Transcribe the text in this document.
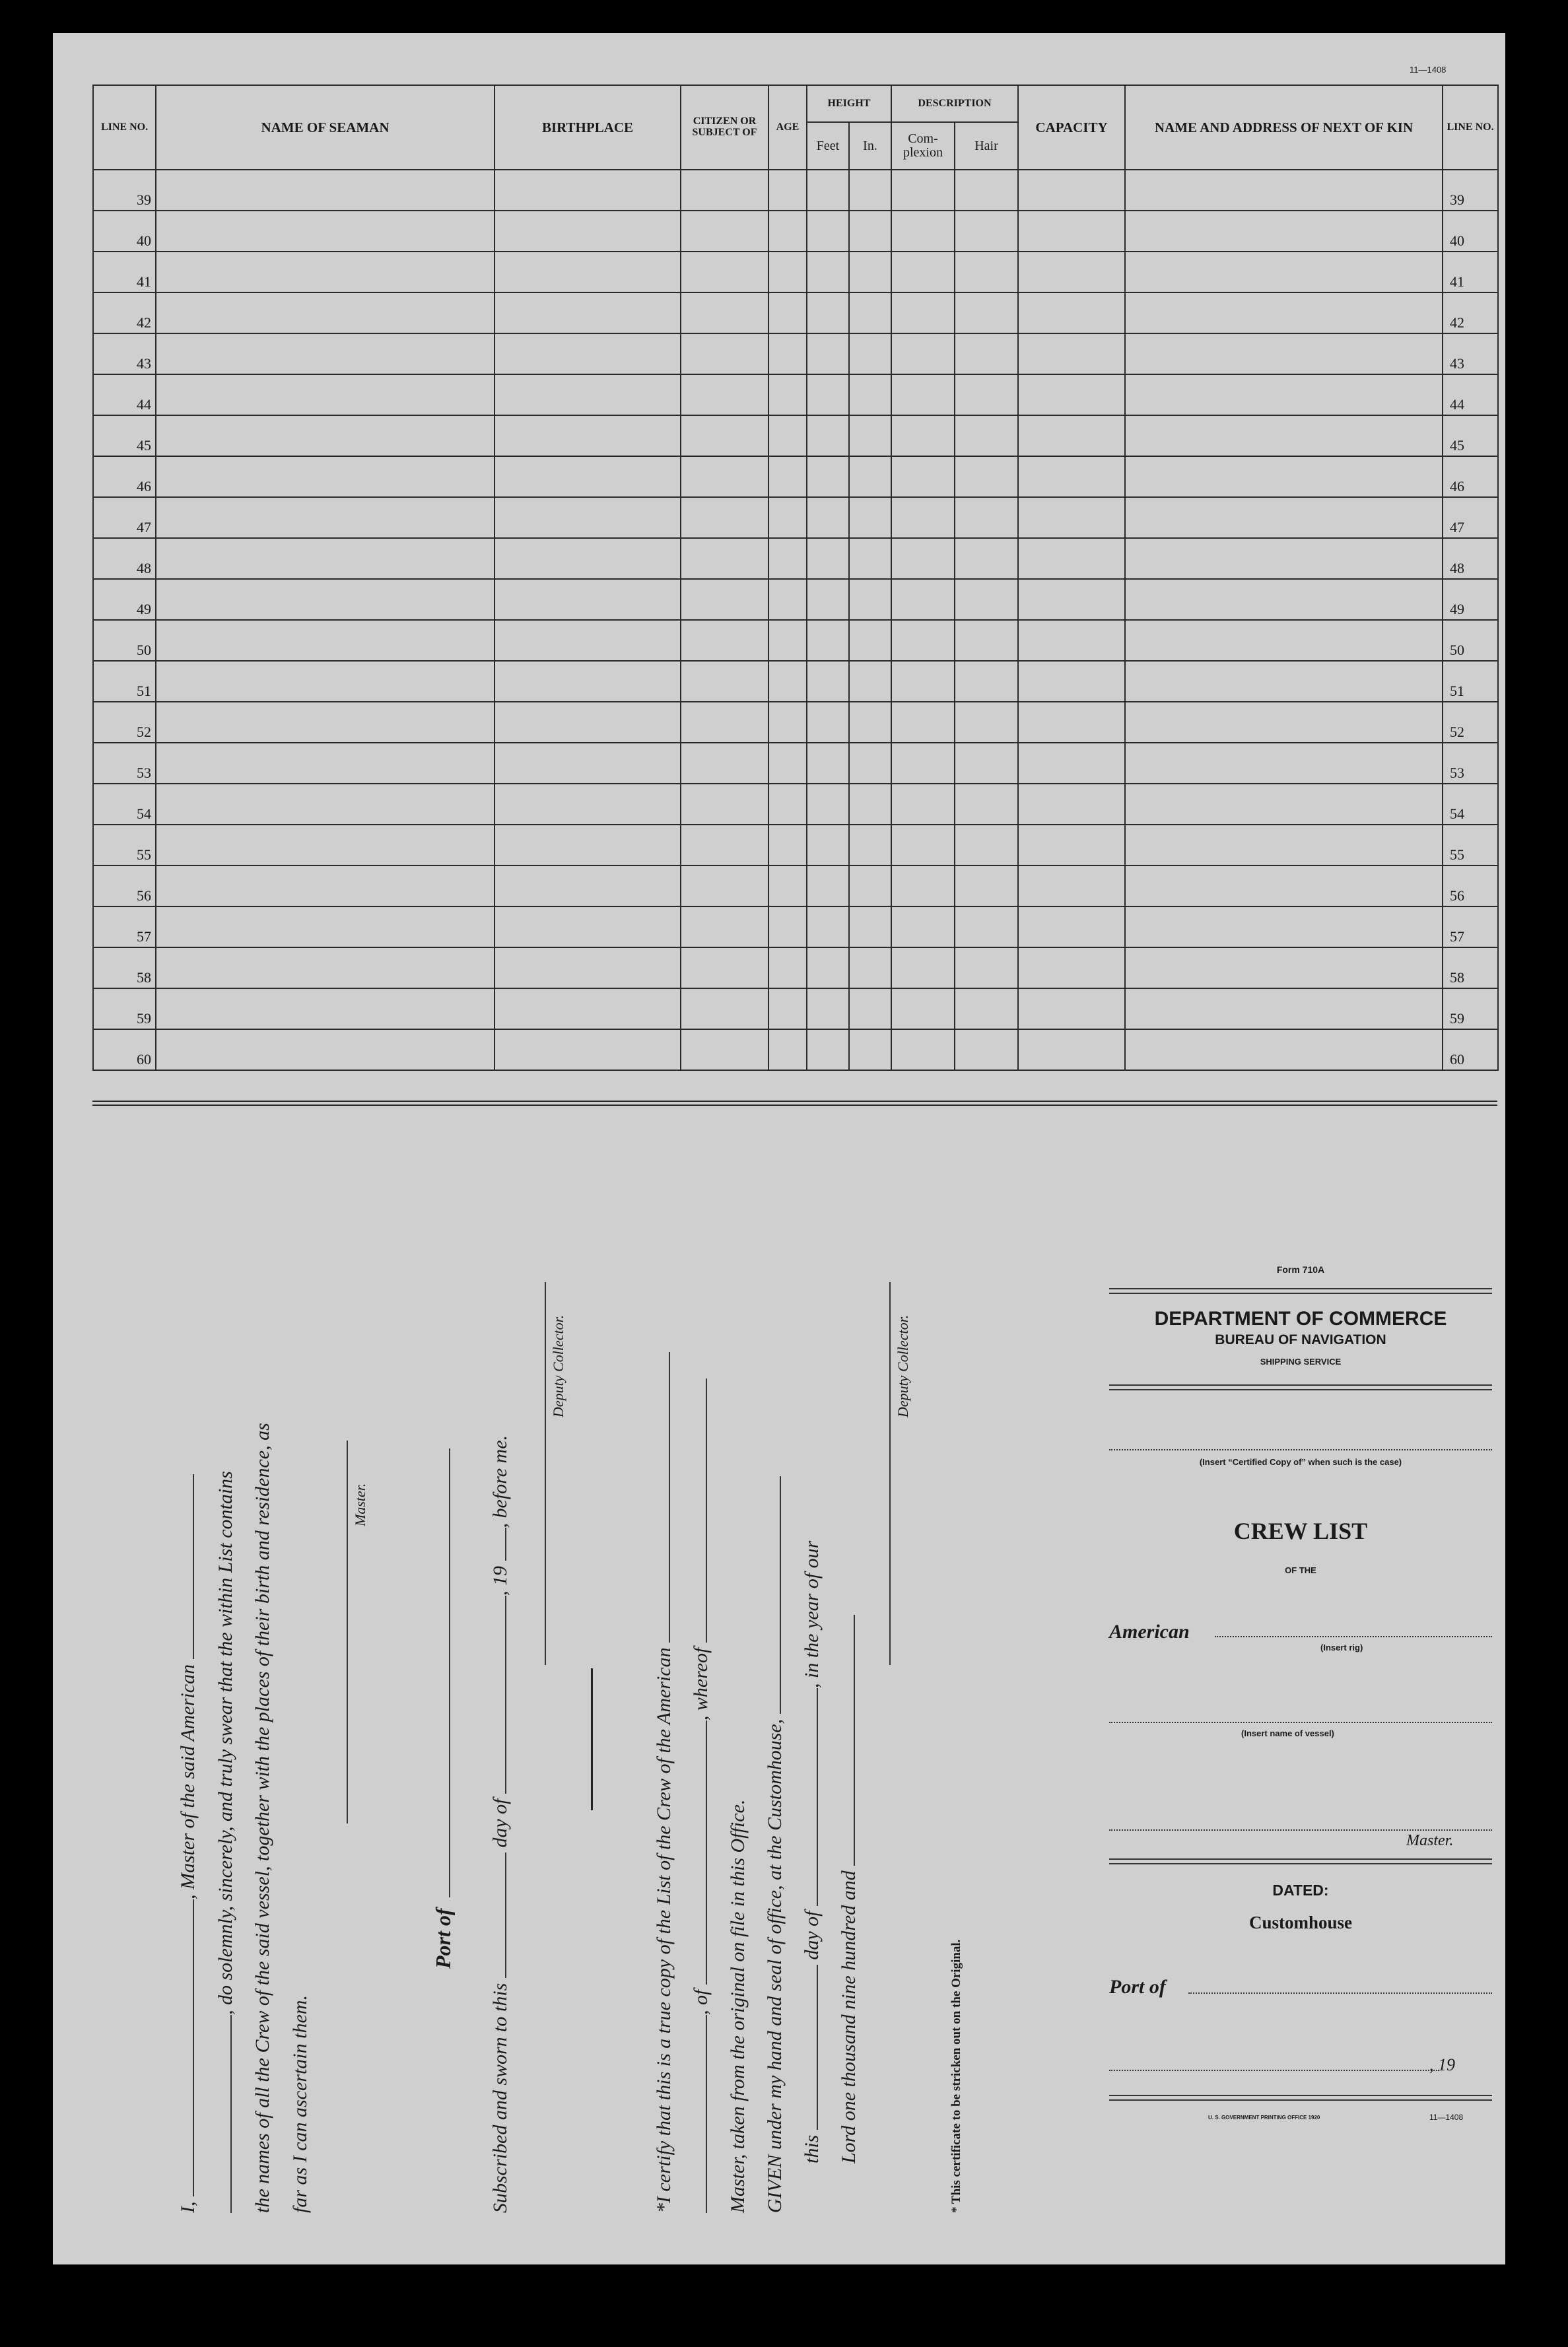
11—1408
LINE NO.	NAME OF SEAMAN	BIRTHPLACE	CITIZEN OR SUBJECT OF	AGE	HEIGHT		DESCRIPTION		CAPACITY	NAME AND ADDRESS OF NEXT OF KIN	LINE NO.
					Feet	In.	Com-plexion	Hair			
39											39
40											40
41											41
42											42
43											43
44											44
45											45
46											46
47											47
48											48
49											49
50											50
51											51
52											52
53											53
54											54
55											55
56											56
57											57
58											58
59											59
60											60
I, , Master of the said American , do solemnly, sincerely, and truly swear that the within List contains the names of all the Crew of the said vessel, together with the places of their birth and residence, as far as I can ascertain them.
Master.
Port of
Subscribed and sworn to this  day of , 19 , before me.
Deputy Collector.
*I certify that this is a true copy of the List of the Crew of the American , of , whereof
Master, taken from the original on file in this Office. GIVEN under my hand and seal of office, at the Customhouse, this  day of , in the year of our
Lord one thousand nine hundred and
Deputy Collector.
* This certificate to be stricken out on the Original.
Form 710A
DEPARTMENT OF COMMERCE
BUREAU OF NAVIGATION
SHIPPING SERVICE
(Insert “Certified Copy of” when such is the case)
CREW LIST
OF THE
American
(Insert rig)
(Insert name of vessel)
Master.
DATED:
Customhouse
Port of
, 19
U. S. GOVERNMENT PRINTING OFFICE 1920	11—1408
